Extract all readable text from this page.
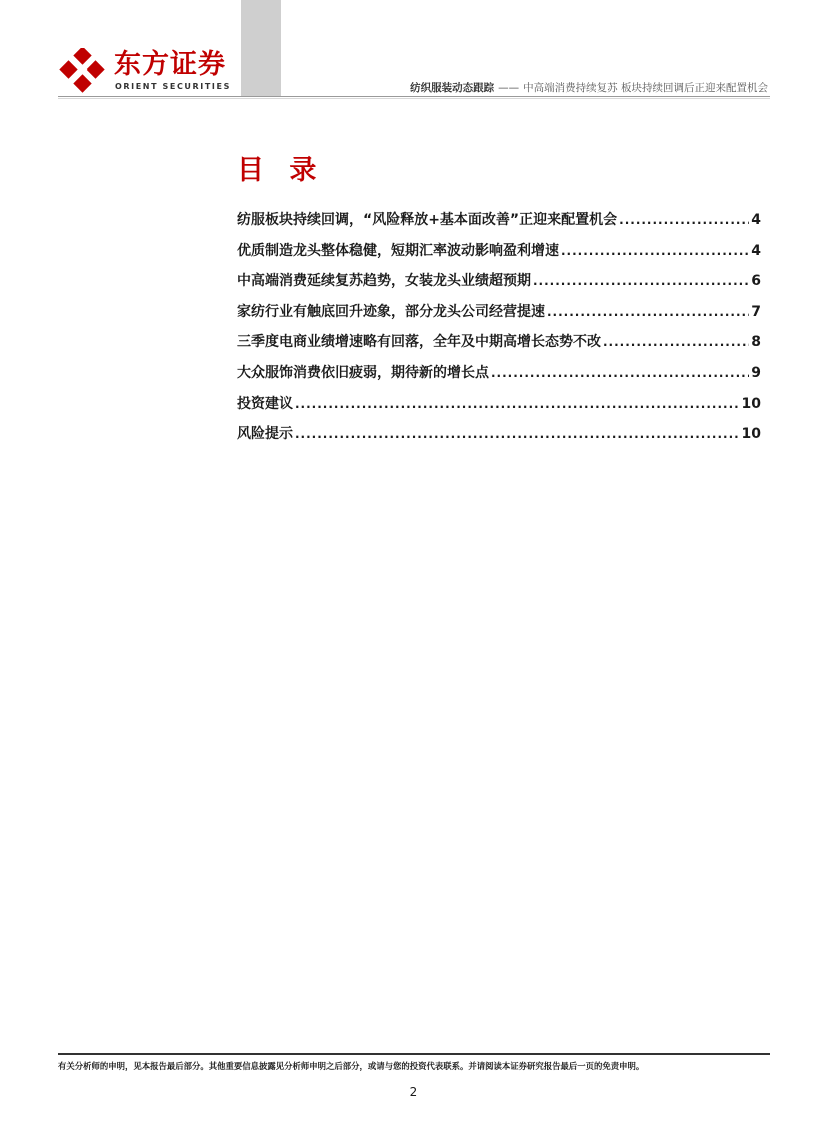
东方证券
ORIENT SECURITIES	纺织服装动态跟踪 —— 中高端消费持续复苏 板块持续回调后正迎来配置机会
目 录
纺服板块持续回调，“风险释放+基本面改善”正迎来配置机会 .....	4
优质制造龙头整体稳健，短期汇率波动影响盈利增速 .....	4
中高端消费延续复苏趋势，女装龙头业绩超预期 .....	6
家纺行业有触底回升迹象，部分龙头公司经营提速 .....	7
三季度电商业绩增速略有回落，全年及中期高增长态势不改 .....	8
大众服饰消费依旧疲弱，期待新的增长点 .....	9
投资建议 .....	10
风险提示 .....	10
有关分析师的申明，见本报告最后部分。其他重要信息披露见分析师申明之后部分，或请与您的投资代表联系。并请阅读本证券研究报告最后一页的免责申明。
2
